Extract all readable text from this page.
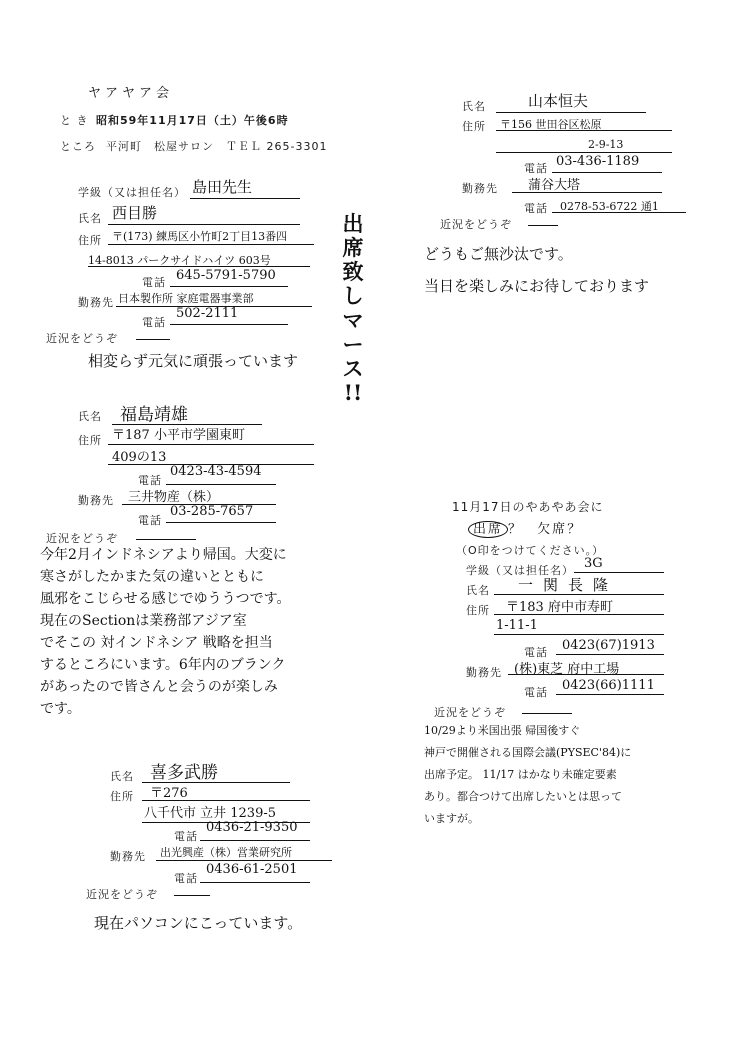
ヤアヤア会
と き 昭和59年11月17日（土）午後6時
ところ 平河町　松屋サロン　ＴＥＬ 265-3301
学級（又は担任名） 島田先生
氏名 西目勝
住所 〒(173) 練馬区小竹町2丁目13番四
14-8013 パークサイドハイツ 603号
電話 645-5791-5790
勤務先 日本製作所 家庭電器事業部
電話
502-2111
近況をどうぞ
相変らず元気に頑張っています
出
席
致
し
マ
ー
ス
!!
氏名 福島靖雄
住所 〒187 小平市学園東町
409の13
電話
0423-43-4594
勤務先 三井物産（株）
電話
03-285-7657
近況をどうぞ
今年2月インドネシアより帰国。大変に
寒さがしたかまた気の違いとともに
風邪をこじらせる感じでゆううつです。
現在のSectionは業務部アジア室
でそこの 対インドネシア 戦略を担当
するところにいます。6年内のブランク
があったので皆さんと会うのが楽しみ
です。
氏名 喜多武勝
住所 〒276
八千代市 立井 1239-5
電話
0436-21-9350
勤務先 出光興産（株）営業研究所
電話
0436-61-2501
近況をどうぞ
現在パソコンにこっています。
氏名	山本恒夫
住所 〒156 世田谷区松原
2-9-13
電話 03-436-1189
勤務先 蒲谷大塔
電話 0278-53-6722 通1
近況をどうぞ
どうもご無沙汰です。
当日を楽しみにお待しております
11月17日のやあやあ会に
出席 ？ 欠席？
（O印をつけてください。）
学級（又は担任名） 3G
氏名 一関長隆
住所 〒183 府中市寿町
1-11-1
電話 0423(67)1913
勤務先 (株)東芝 府中工場
電話 0423(66)1111
近況をどうぞ
10/29より米国出張 帰国後すぐ
神戸で開催される国際会議(PYSEC'84)に
出席予定。 11/17 はかなり未確定要素
あり。都合つけて出席したいとは思って
いますが。
